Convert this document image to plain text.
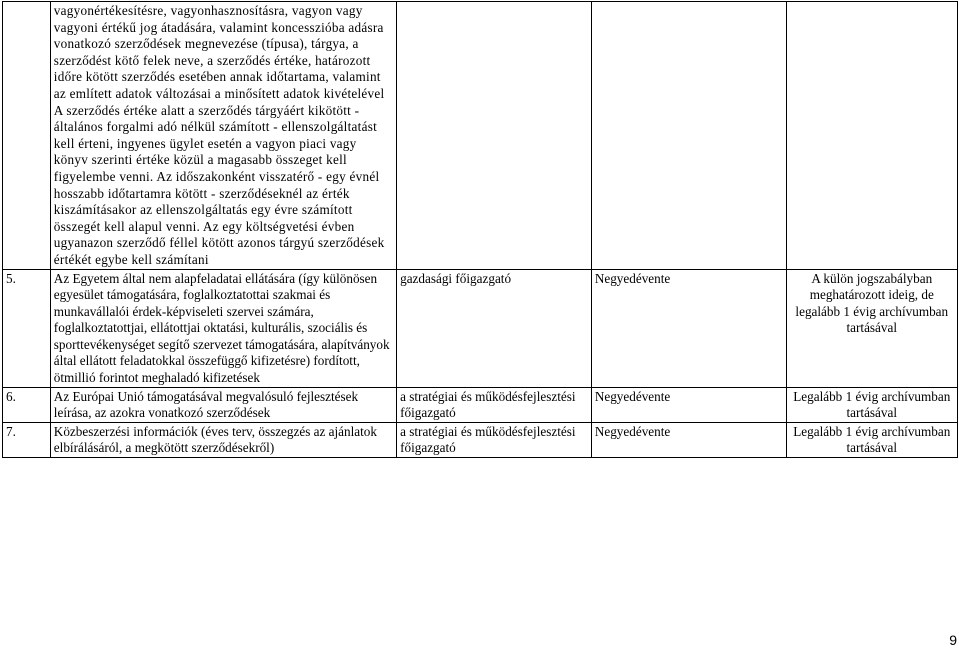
	vagyonértékesítésre, vagyonhasznosításra, vagyon vagy vagyoni értékű jog átadására, valamint koncesszióba adásra vonatkozó szerződések megnevezése (típusa), tárgya, a szerződést kötő felek neve, a szerződés értéke, határozott időre kötött szerződés esetében annak időtartama, valamint az említett adatok változásai a minősített adatok kivételével A szerződés értéke alatt a szerződés tárgyáért kikötött - általános forgalmi adó nélkül számított - ellenszolgáltatást kell érteni, ingyenes ügylet esetén a vagyon piaci vagy könyv szerinti értéke közül a magasabb összeget kell figyelembe venni. Az időszakonként visszatérő - egy évnél hosszabb időtartamra kötött - szerződéseknél az érték kiszámításakor az ellenszolgáltatás egy évre számított összegét kell alapul venni. Az egy költségvetési évben ugyanazon szerződő féllel kötött azonos tárgyú szerződések értékét egybe kell számítani			
5.	Az Egyetem által nem alapfeladatai ellátására (így különösen egyesület támogatására, foglalkoztatottai szakmai és munkavállalói érdek-képviseleti szervei számára, foglalkoztatottjai, ellátottjai oktatási, kulturális, szociális és sporttevékenységet segítő szervezet támogatására, alapítványok által ellátott feladatokkal összefüggő kifizetésre) fordított, ötmillió forintot meghaladó kifizetések	gazdasági főigazgató	Negyedévente	A külön jogszabályban meghatározott ideig, de legalább 1 évig archívumban tartásával
6.	Az Európai Unió támogatásával megvalósuló fejlesztések leírása, az azokra vonatkozó szerződések	a stratégiai és működésfejlesztési főigazgató	Negyedévente	Legalább 1 évig archívumban tartásával
7.	Közbeszerzési információk (éves terv, összegzés az ajánlatok elbírálásáról, a megkötött szerződésekről)	a stratégiai és működésfejlesztési főigazgató	Negyedévente	Legalább 1 évig archívumban tartásával
9
